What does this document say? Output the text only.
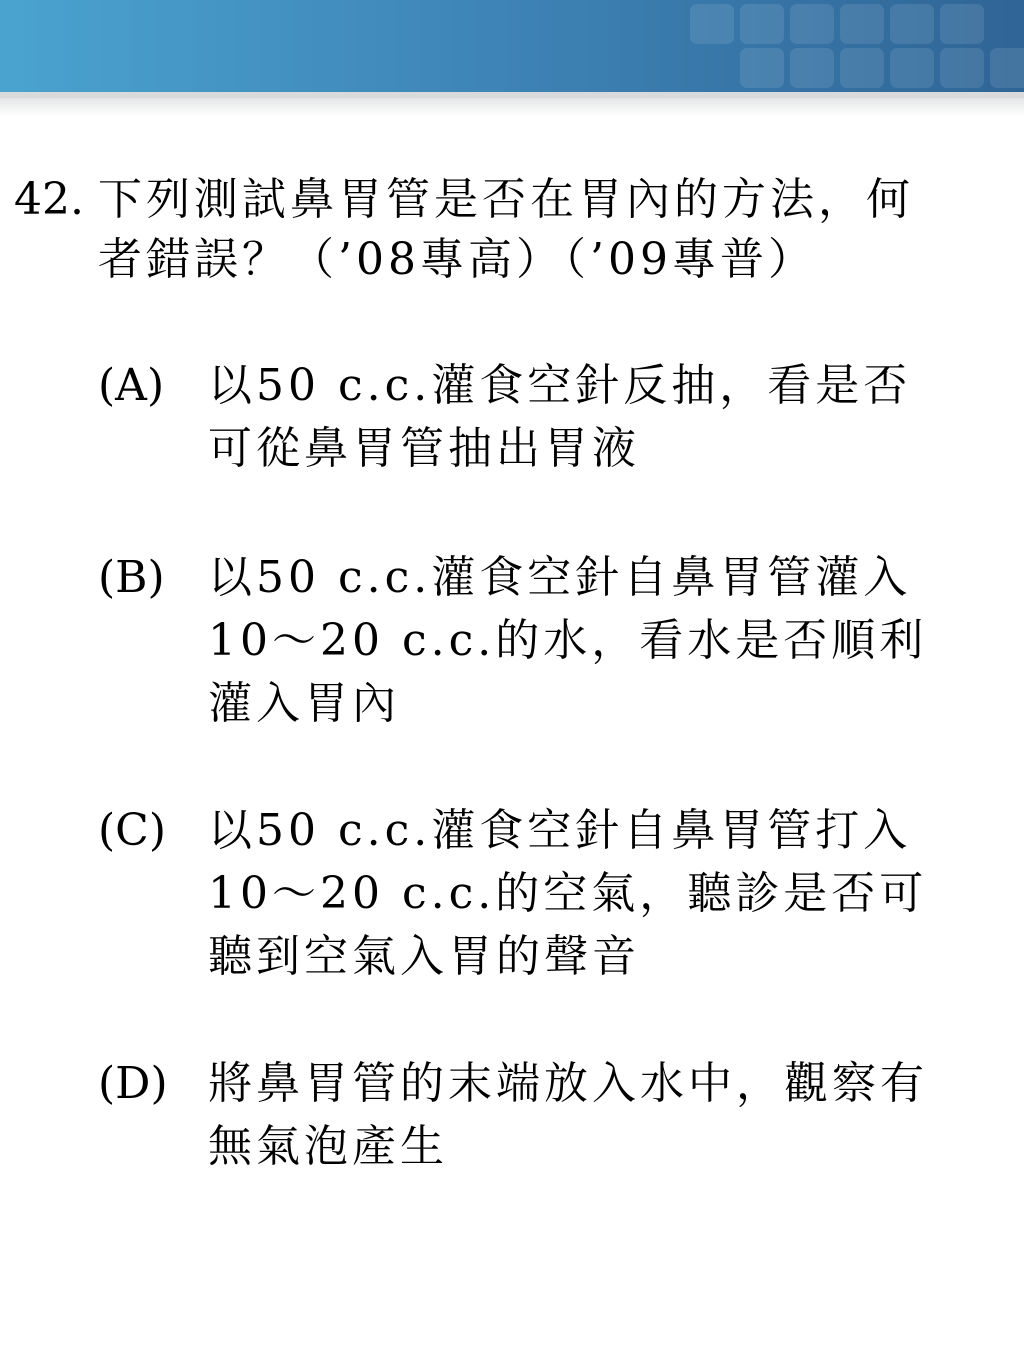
42. 下列測試鼻胃管是否在胃內的方法，何
者錯誤？（’08專高）（’09專普）
(A) 以50 c.c.灌食空針反抽，看是否
可從鼻胃管抽出胃液
(B) 以50 c.c.灌食空針自鼻胃管灌入
10～20 c.c.的水，看水是否順利
灌入胃內
(C) 以50 c.c.灌食空針自鼻胃管打入
10～20 c.c.的空氣，聽診是否可
聽到空氣入胃的聲音
(D) 將鼻胃管的末端放入水中，觀察有
無氣泡產生
